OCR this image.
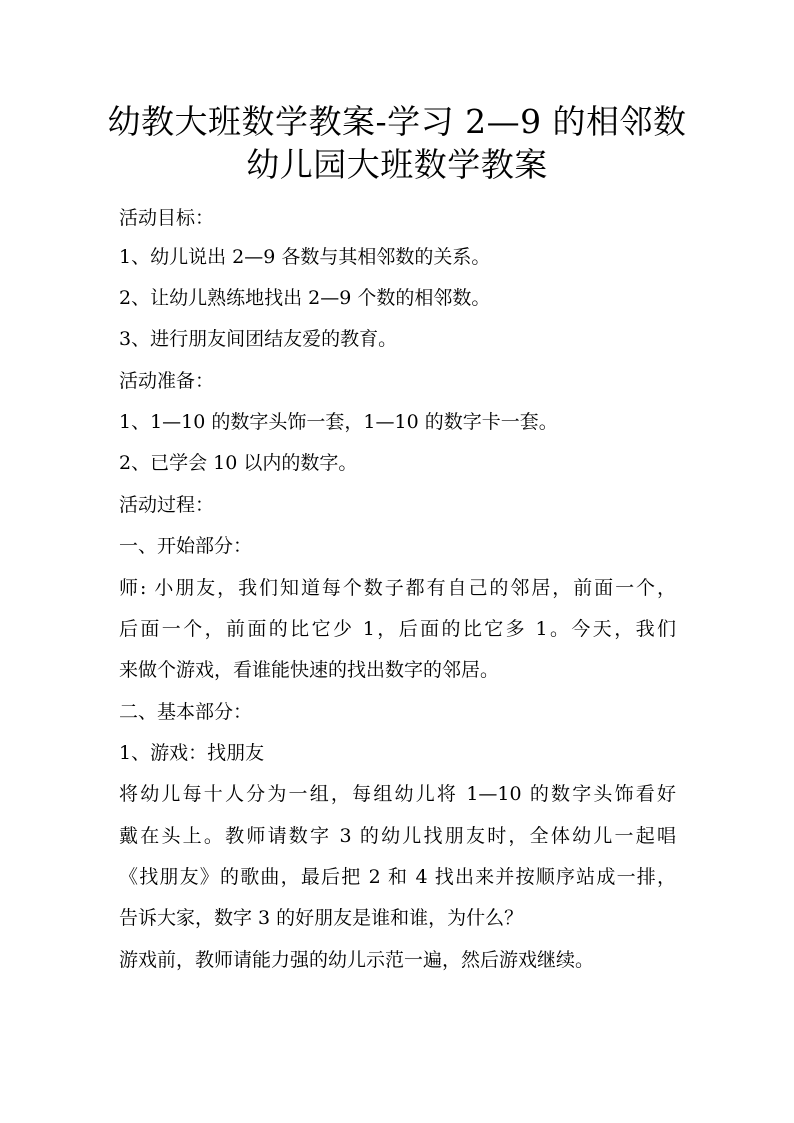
幼教大班数学教案-学习 2—9 的相邻数
幼儿园大班数学教案
活动目标：
1、幼儿说出 2—9 各数与其相邻数的关系。
2、让幼儿熟练地找出 2—9 个数的相邻数。
3、进行朋友间团结友爱的教育。
活动准备：
1、1—10 的数字头饰一套，1—10 的数字卡一套。
2、已学会 10 以内的数字。
活动过程：
一、开始部分：
师: 小朋友，我们知道每个数子都有自己的邻居，前面一个，
后面一个，前面的比它少 1，后面的比它多 1。今天，我们
来做个游戏，看谁能快速的找出数字的邻居。
二、基本部分：
1、游戏：找朋友
将幼儿每十人分为一组，每组幼儿将 1—10 的数字头饰看好
戴在头上。教师请数字 3 的幼儿找朋友时，全体幼儿一起唱
《找朋友》的歌曲，最后把 2 和 4 找出来并按顺序站成一排，
告诉大家，数字 3 的好朋友是谁和谁，为什么？
游戏前，教师请能力强的幼儿示范一遍，然后游戏继续。
